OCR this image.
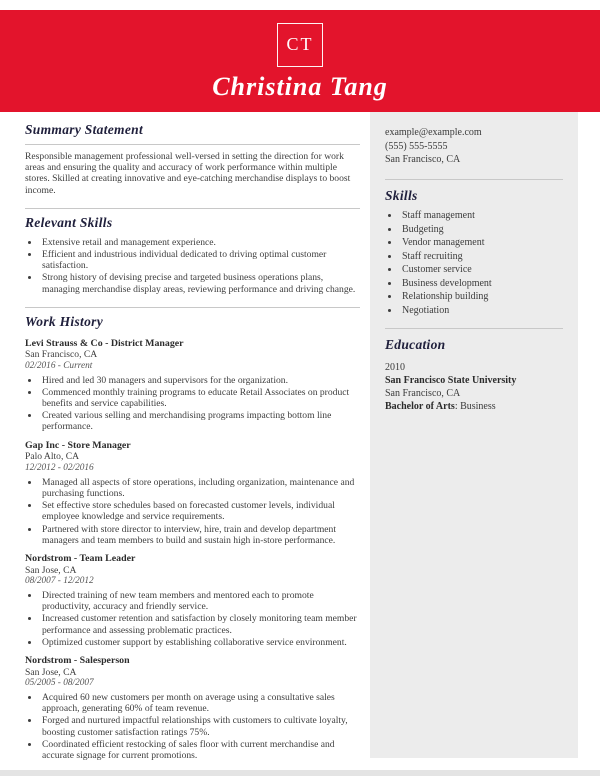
CT
Christina Tang
Summary Statement

Responsible management professional well-versed in setting the direction for work areas and ensuring the quality and accuracy of work performance within multiple stores. Skilled at creating innovative and eye-catching merchandise displays to boost income.

Relevant Skills
• Extensive retail and management experience.
• Efficient and industrious individual dedicated to driving optimal customer satisfaction.
• Strong history of devising precise and targeted business operations plans, managing merchandise display areas, reviewing performance and driving change.
Work History
Levi Strauss & Co - District Manager
San Francisco, CA
02/2016 - Current
• Hired and led 30 managers and supervisors for the organization.
• Commenced monthly training programs to educate Retail Associates on product benefits and service capabilities.
• Created various selling and merchandising programs impacting bottom line performance.
Gap Inc - Store Manager
Palo Alto, CA
12/2012 - 02/2016
• Managed all aspects of store operations, including organization, maintenance and purchasing functions.
• Set effective store schedules based on forecasted customer levels, individual employee knowledge and service requirements.
• Partnered with store director to interview, hire, train and develop department managers and team members to build and sustain high in-store performance.
Nordstrom - Team Leader
San Jose, CA
08/2007 - 12/2012
• Directed training of new team members and mentored each to promote productivity, accuracy and friendly service.
• Increased customer retention and satisfaction by closely monitoring team member performance and assessing problematic practices.
• Optimized customer support by establishing collaborative service environment.
Nordstrom - Salesperson
San Jose, CA
05/2005 - 08/2007
• Acquired 60 new customers per month on average using a consultative sales approach, generating 60% of team revenue.
• Forged and nurtured impactful relationships with customers to cultivate loyalty, boosting customer satisfaction ratings 75%.
• Coordinated efficient restocking of sales floor with current merchandise and accurate signage for current promotions.
example@example.com
(555) 555-5555
San Francisco, CA
Skills
• Staff management
• Budgeting
• Vendor management
• Staff recruiting
• Customer service
• Business development
• Relationship building
• Negotiation
Education
2010
San Francisco State University
San Francisco, CA
Bachelor of Arts: Business
